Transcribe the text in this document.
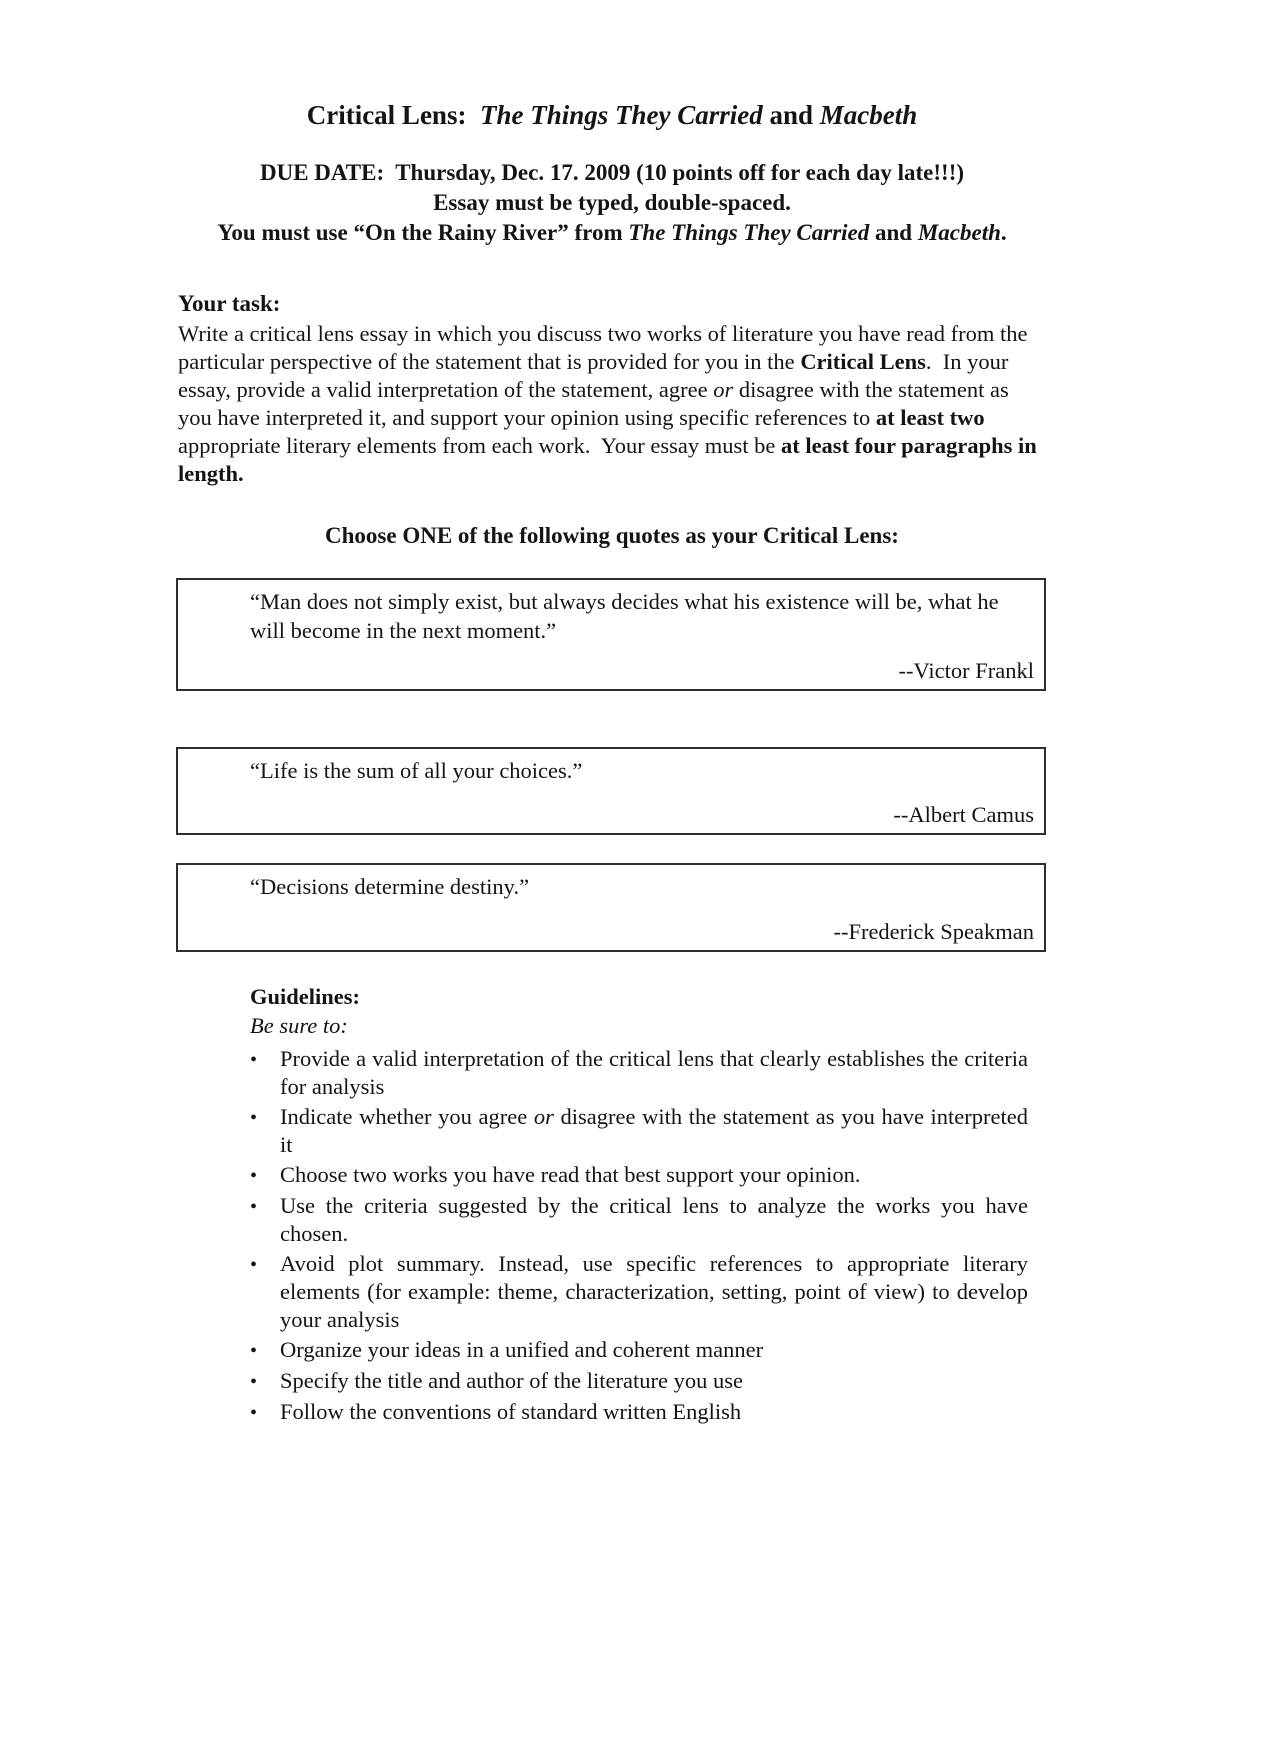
Critical Lens:  The Things They Carried and Macbeth
DUE DATE:  Thursday, Dec. 17. 2009 (10 points off for each day late!!!)
Essay must be typed, double-spaced.
You must use “On the Rainy River” from The Things They Carried and Macbeth.
Your task:

Write a critical lens essay in which you discuss two works of literature you have read from the particular perspective of the statement that is provided for you in the Critical Lens.  In your essay, provide a valid interpretation of the statement, agree or disagree with the statement as you have interpreted it, and support your opinion using specific references to at least two appropriate literary elements from each work.  Your essay must be at least four paragraphs in length.

Choose ONE of the following quotes as your Critical Lens:
“Man does not simply exist, but always decides what his existence will be, what he will become in the next moment.”
--Victor Frankl
“Life is the sum of all your choices.”
--Albert Camus
“Decisions determine destiny.”
--Frederick Speakman
Guidelines:
Be sure to:
•	Provide a valid interpretation of the critical lens that clearly establishes the criteria for analysis
•	Indicate whether you agree or disagree with the statement as you have interpreted it
•	Choose two works you have read that best support your opinion.
•	Use the criteria suggested by the critical lens to analyze the works you have chosen.
•	Avoid plot summary. Instead, use specific references to appropriate literary elements (for example: theme, characterization, setting, point of view) to develop your analysis
•	Organize your ideas in a unified and coherent manner
•	Specify the title and author of the literature you use
•	Follow the conventions of standard written English
